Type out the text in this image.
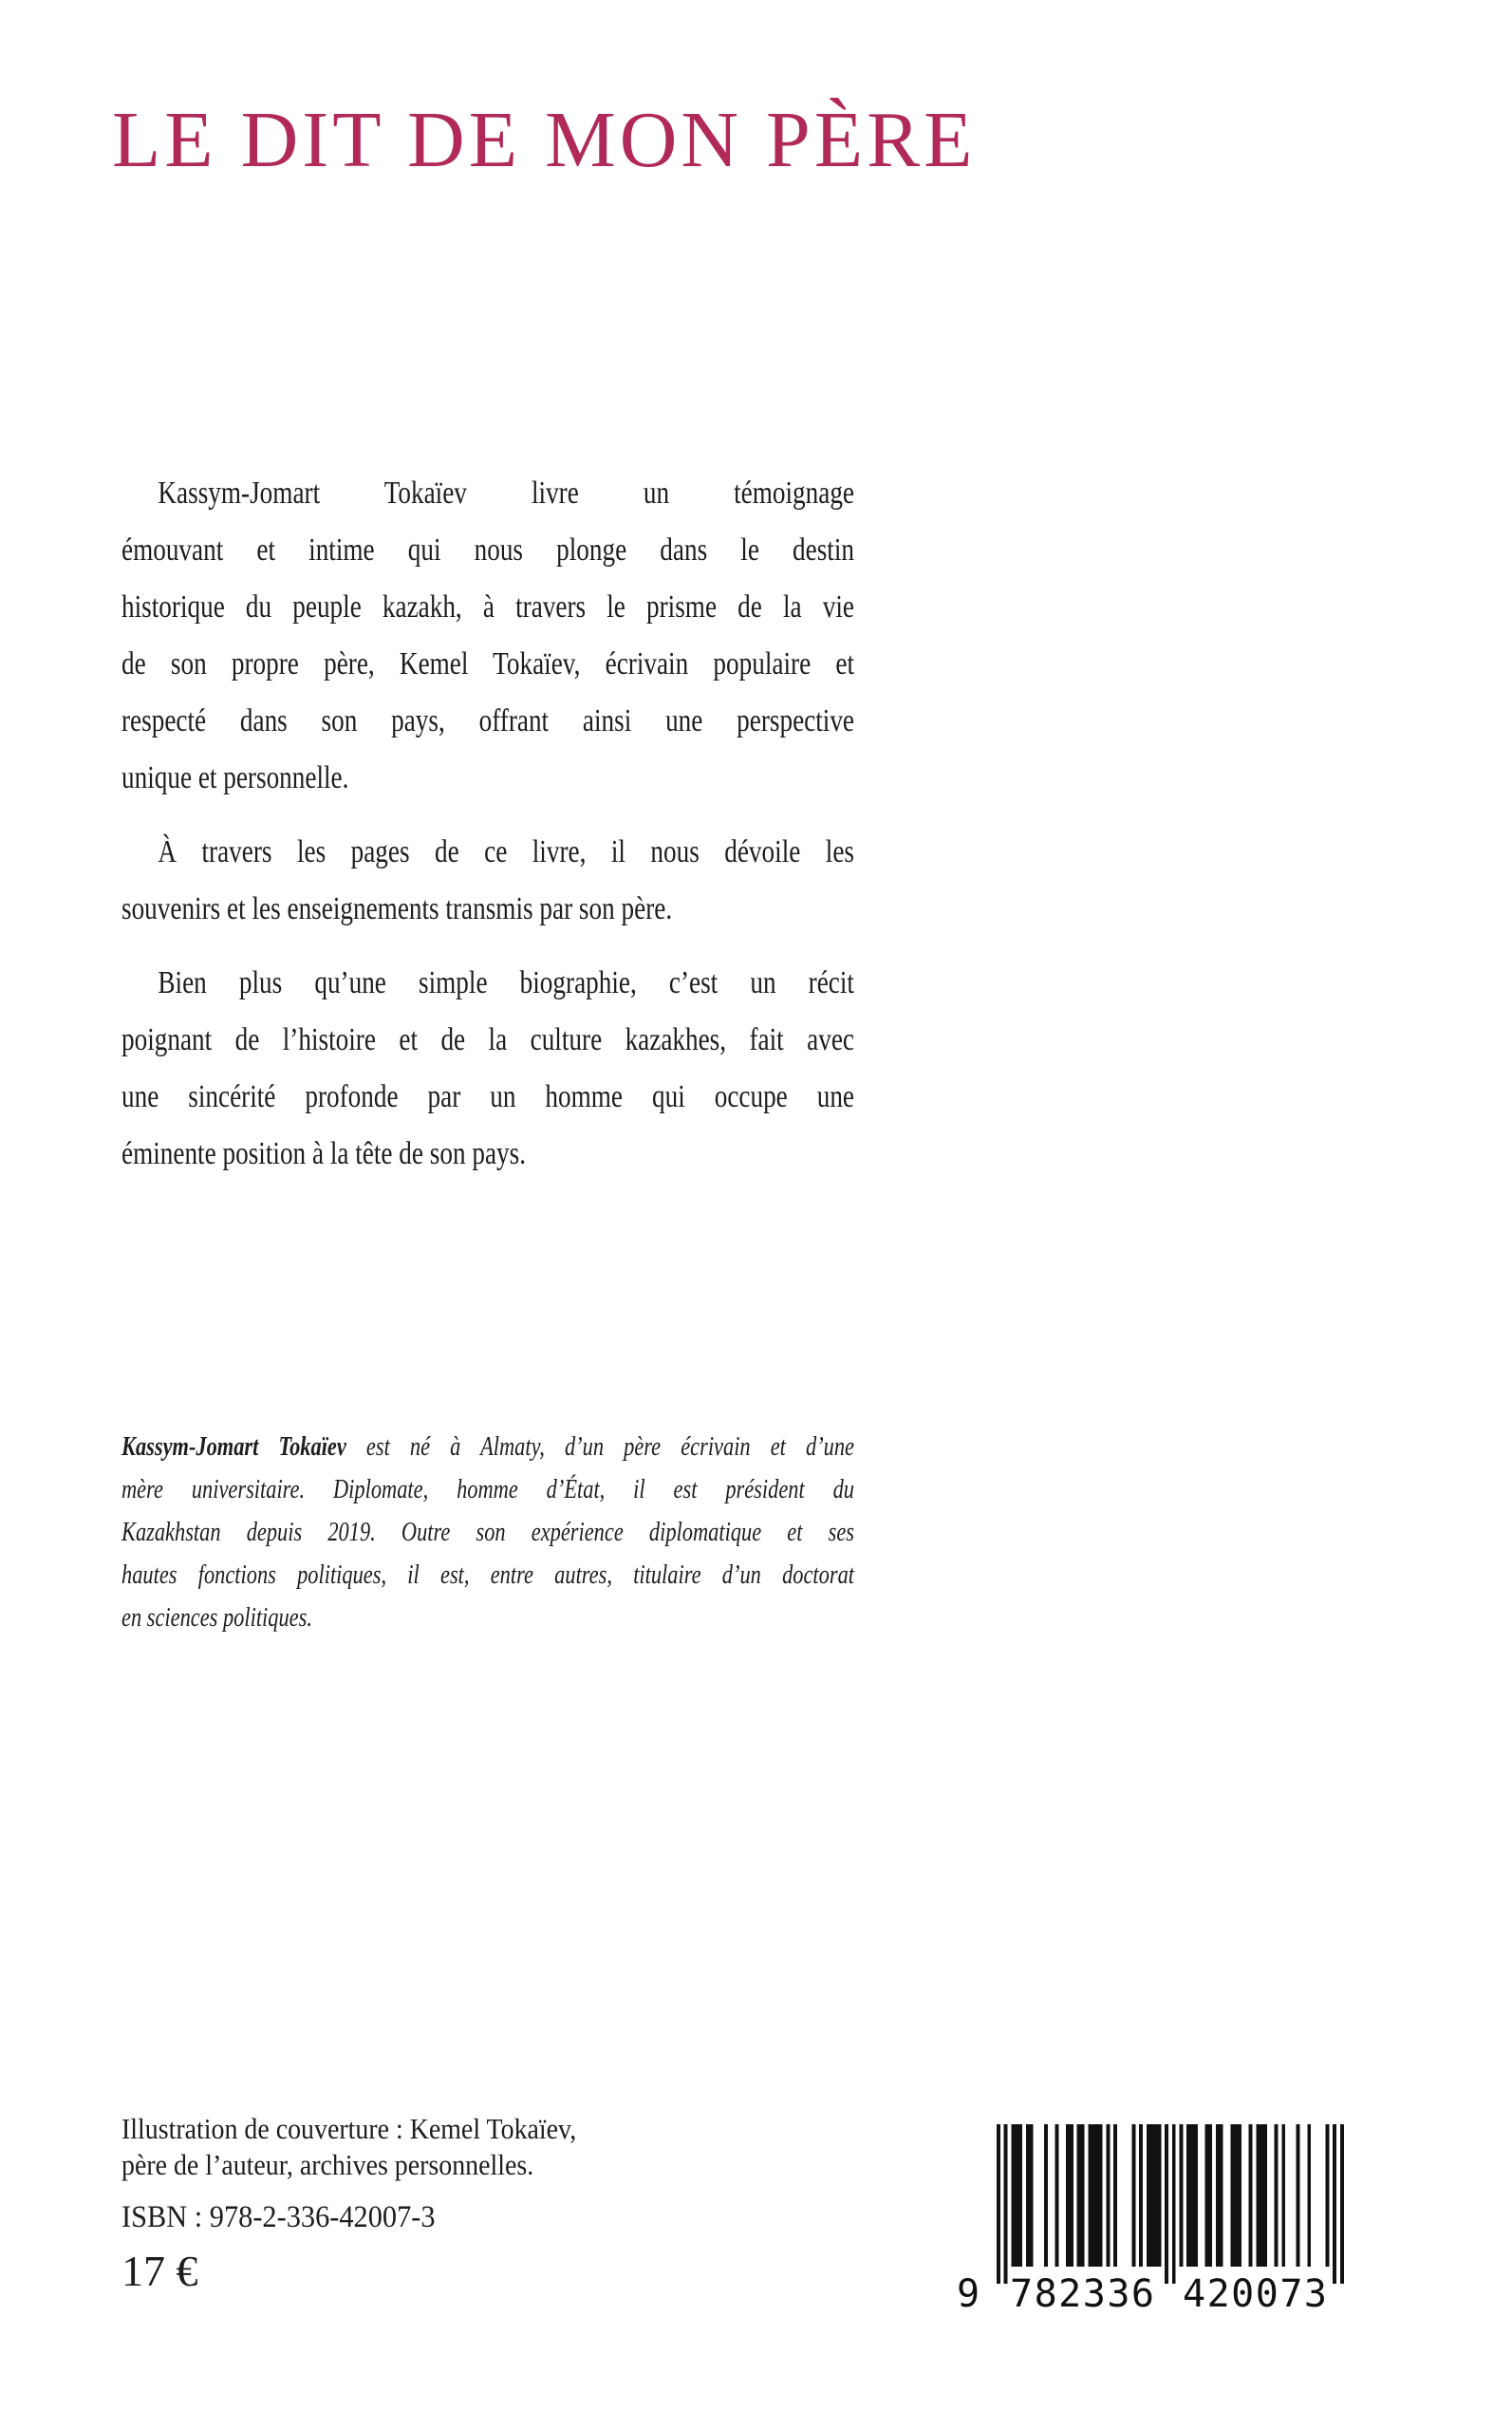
LE DIT DE MON PÈRE
Kassym-Jomart Tokaïev livre un témoignage
émouvant et intime qui nous plonge dans le destin
historique du peuple kazakh, à travers le prisme de la vie
de son propre père, Kemel Tokaïev, écrivain populaire et
respecté dans son pays, offrant ainsi une perspective
unique et personnelle.
À travers les pages de ce livre, il nous dévoile les
souvenirs et les enseignements transmis par son père.
Bien plus qu’une simple biographie, c’est un récit
poignant de l’histoire et de la culture kazakhes, fait avec
une sincérité profonde par un homme qui occupe une
éminente position à la tête de son pays.
Kassym-Jomart Tokaïev est né à Almaty, d’un père écrivain et d’une
mère universitaire. Diplomate, homme d’État, il est président du
Kazakhstan depuis 2019. Outre son expérience diplomatique et ses
hautes fonctions politiques, il est, entre autres, titulaire d’un doctorat
en sciences politiques.
Illustration de couverture : Kemel Tokaïev,
père de l’auteur, archives personnelles.
ISBN : 978-2-336-42007-3
17 €	9 782336 420073
